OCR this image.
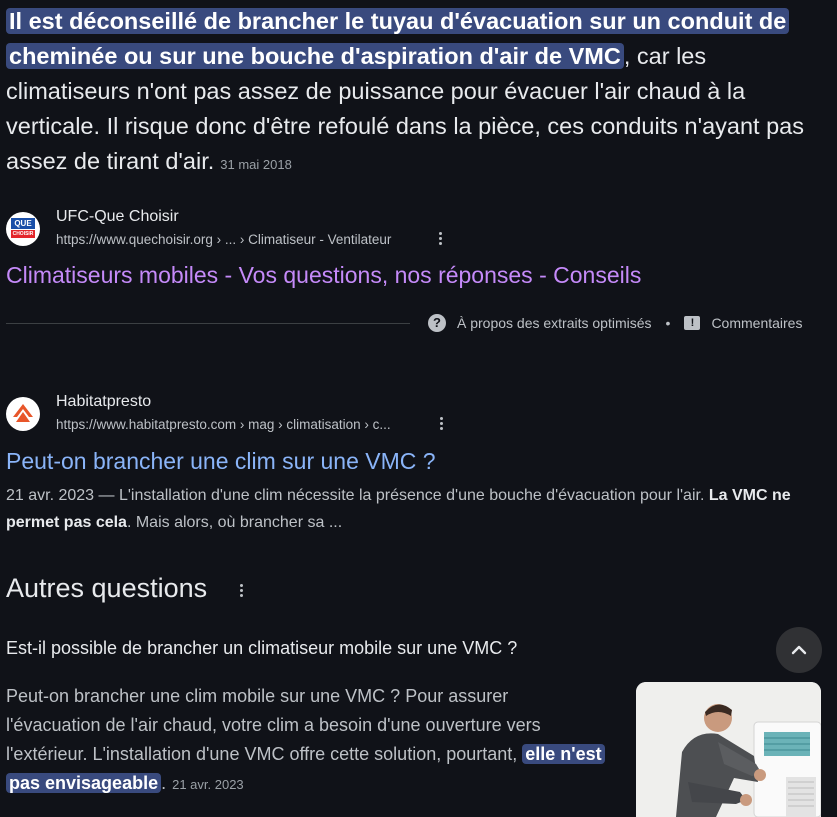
Il est déconseillé de brancher le tuyau d'évacuation sur un conduit de cheminée ou sur une bouche d'aspiration d'air de VMC , car les climatiseurs n'ont pas assez de puissance pour évacuer l'air chaud à la verticale. Il risque donc d'être refoulé dans la pièce, ces conduits n'ayant pas assez de tirant d'air. 31 mai 2018
QUE
CHOISIR
UFC-Que Choisir
https://www.quechoisir.org › ... › Climatiseur - Ventilateur
Climatiseurs mobiles - Vos questions, nos réponses - Conseils
?	À propos des extraits optimisés •	!	Commentaires
Habitatpresto
https://www.habitatpresto.com › mag › climatisation › c...
Peut-on brancher une clim sur une VMC ?
21 avr. 2023 — L'installation d'une clim nécessite la présence d'une bouche d'évacuation pour l'air. La VMC ne permet pas cela. Mais alors, où brancher sa ...
Autres questions
Est-il possible de brancher un climatiseur mobile sur une VMC ?
Peut-on brancher une clim mobile sur une VMC ? Pour assurer l'évacuation de l'air chaud, votre clim a besoin d'une ouverture vers l'extérieur. L'installation d'une VMC offre cette solution, pourtant, elle n'est pas envisageable . 21 avr. 2023
